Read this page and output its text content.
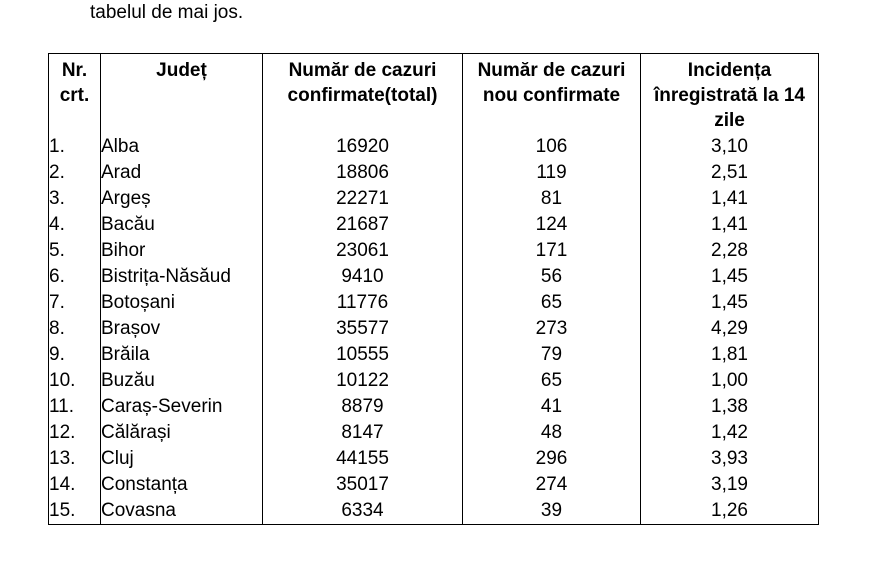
tabelul de mai jos.

Nr. crt.	Județ	Număr de cazuri confirmate(total)	Număr de cazuri nou confirmate	Incidența înregistrată la 14 zile
1.	Alba	16920	106	3,10
2.	Arad	18806	119	2,51
3.	Argeș	22271	81	1,41
4.	Bacău	21687	124	1,41
5.	Bihor	23061	171	2,28
6.	Bistrița-Năsăud	9410	56	1,45
7.	Botoșani	11776	65	1,45
8.	Brașov	35577	273	4,29
9.	Brăila	10555	79	1,81
10.	Buzău	10122	65	1,00
11.	Caraș-Severin	8879	41	1,38
12.	Călărași	8147	48	1,42
13.	Cluj	44155	296	3,93
14.	Constanța	35017	274	3,19
15.	Covasna	6334	39	1,26
